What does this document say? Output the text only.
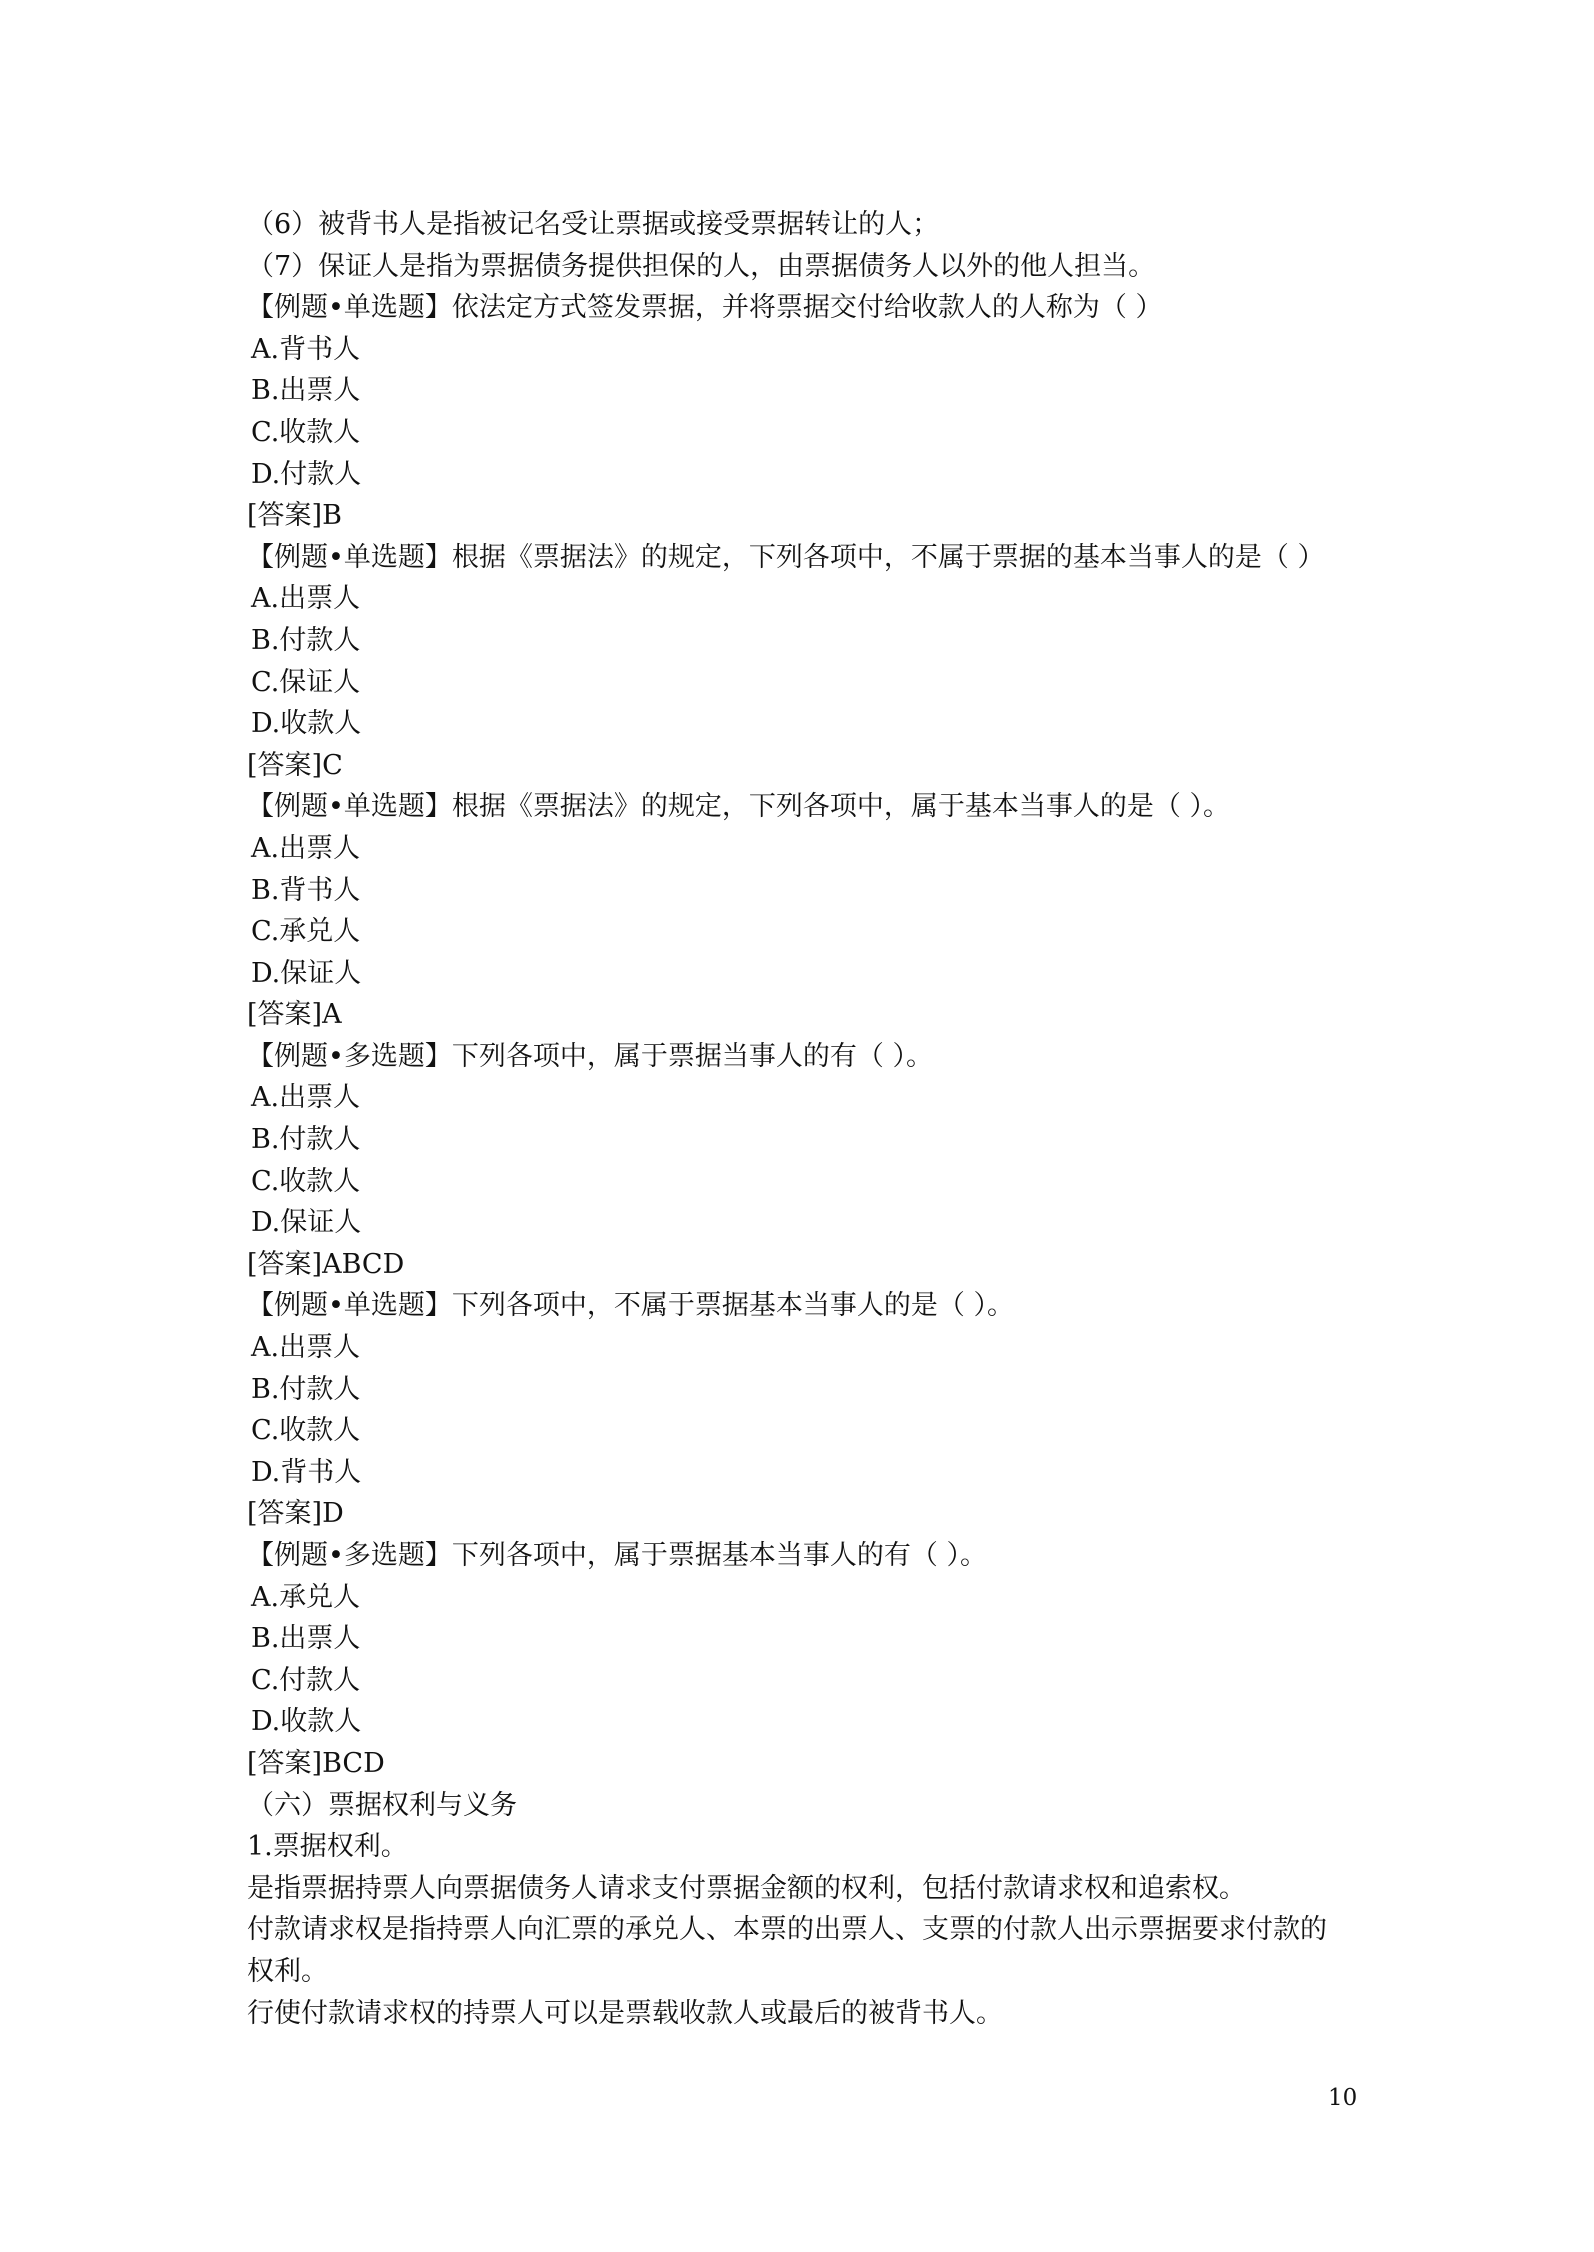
（6）被背书人是指被记名受让票据或接受票据转让的人；
（7）保证人是指为票据债务提供担保的人，由票据债务人以外的他人担当。
【例题•单选题】依法定方式签发票据，并将票据交付给收款人的人称为（ ）
A.背书人
B.出票人
C.收款人
D.付款人
[答案]B
【例题•单选题】根据《票据法》的规定，下列各项中，不属于票据的基本当事人的是（ ）
A.出票人
B.付款人
C.保证人
D.收款人
[答案]C
【例题•单选题】根据《票据法》的规定，下列各项中，属于基本当事人的是（ ）。
A.出票人
B.背书人
C.承兑人
D.保证人
[答案]A
【例题•多选题】下列各项中，属于票据当事人的有（ ）。
A.出票人
B.付款人
C.收款人
D.保证人
[答案]ABCD
【例题•单选题】下列各项中，不属于票据基本当事人的是（ ）。
A.出票人
B.付款人
C.收款人
D.背书人
[答案]D
【例题•多选题】下列各项中，属于票据基本当事人的有（ ）。
A.承兑人
B.出票人
C.付款人
D.收款人
[答案]BCD
（六）票据权利与义务
1.票据权利。
是指票据持票人向票据债务人请求支付票据金额的权利，包括付款请求权和追索权。
付款请求权是指持票人向汇票的承兑人、本票的出票人、支票的付款人出示票据要求付款的
权利。
行使付款请求权的持票人可以是票载收款人或最后的被背书人。
10
